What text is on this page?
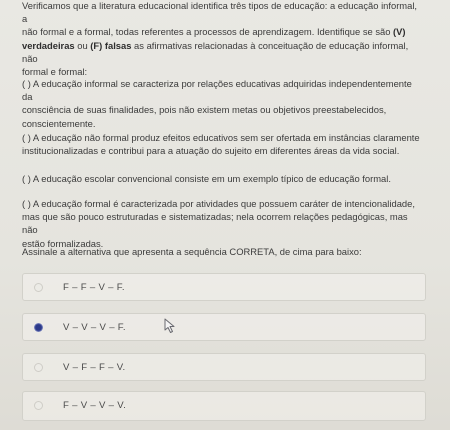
Verificamos que a literatura educacional identifica três tipos de educação: a educação informal, a
não formal e a formal, todas referentes a processos de aprendizagem. Identifique se são (V)
verdadeiras ou (F) falsas as afirmativas relacionadas à conceituação de educação informal, não
formal e formal:
( ) A educação informal se caracteriza por relações educativas adquiridas independentemente da
consciência de suas finalidades, pois não existem metas ou objetivos preestabelecidos,
conscientemente.
( ) A educação não formal produz efeitos educativos sem ser ofertada em instâncias claramente
institucionalizadas e contribui para a atuação do sujeito em diferentes áreas da vida social.
( ) A educação escolar convencional consiste em um exemplo típico de educação formal.
( ) A educação formal é caracterizada por atividades que possuem caráter de intencionalidade,
mas que são pouco estruturadas e sistematizadas; nela ocorrem relações pedagógicas, mas não
estão formalizadas.
Assinale a alternativa que apresenta a sequência CORRETA, de cima para baixo:
F – F – V – F.
V – V – V – F.
V – F – F – V.
F – V – V – V.
